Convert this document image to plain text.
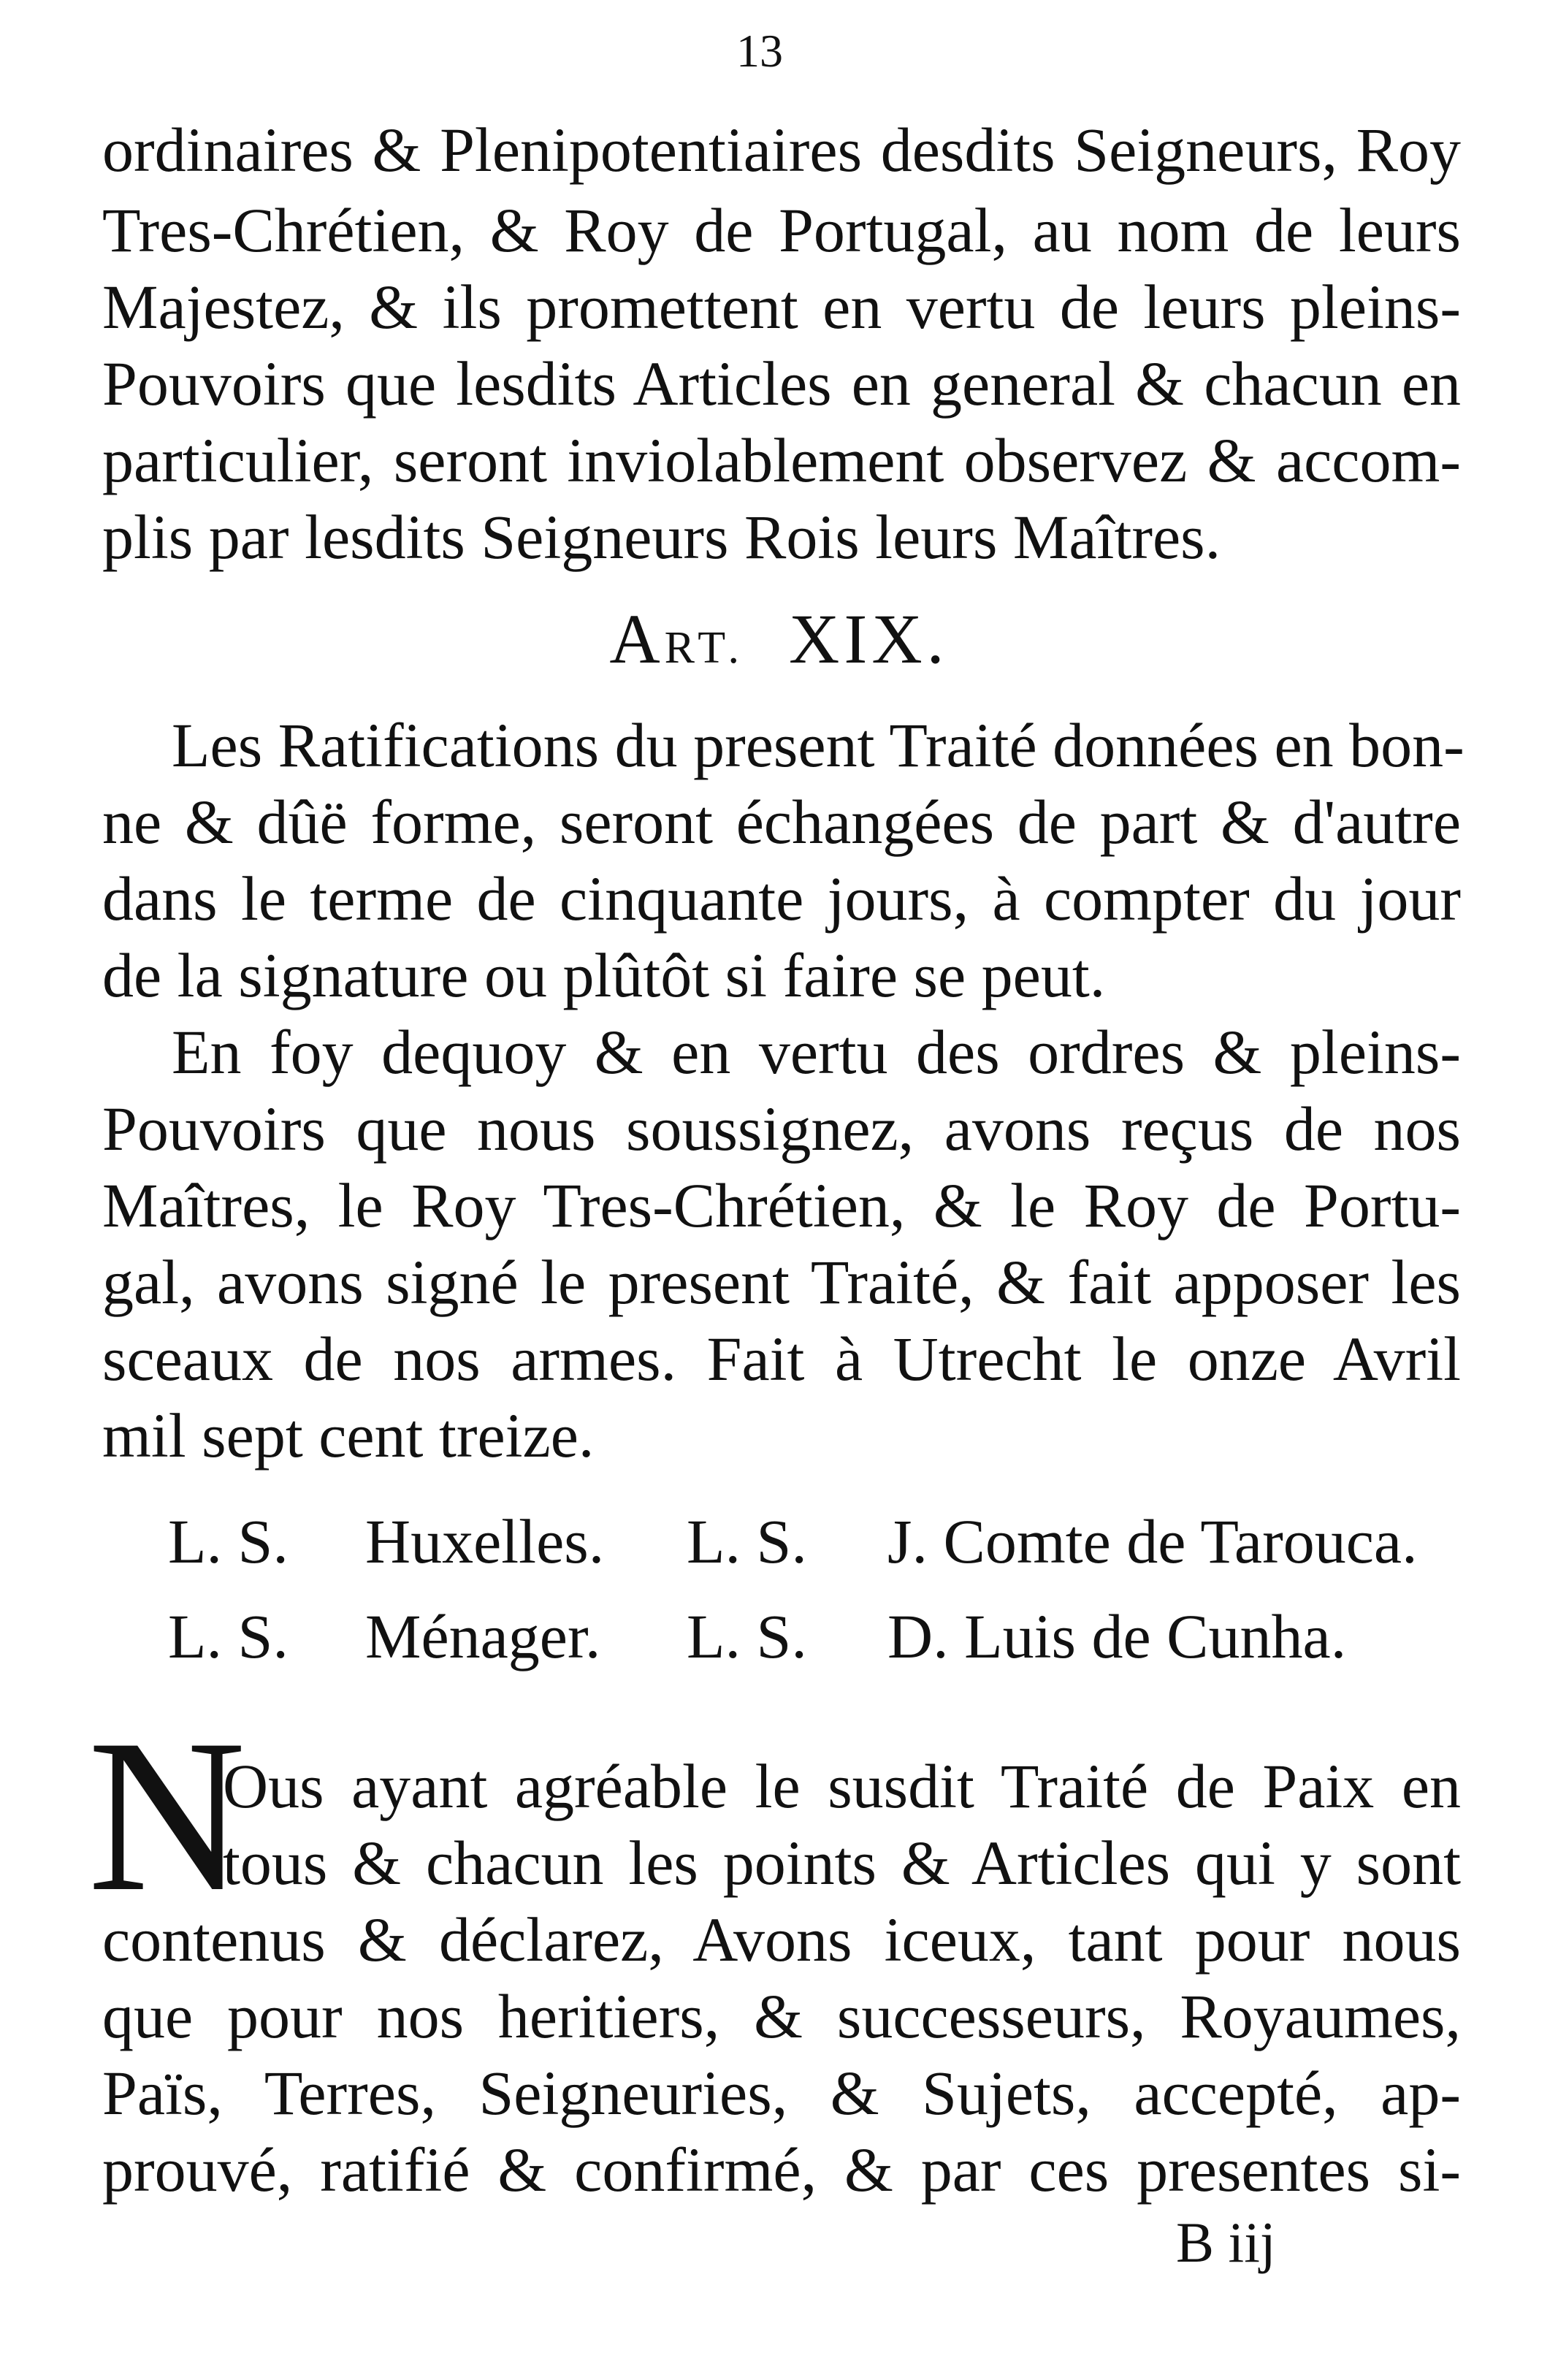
13
ordinaires & Plenipotentiaires desdits Seigneurs, Roy
Tres-Chrétien, & Roy de Portugal, au nom de leurs
Majestez, & ils promettent en vertu de leurs pleins-
Pouvoirs que lesdits Articles en general & chacun en
particulier, seront inviolablement observez & accom-
plis par lesdits Seigneurs Rois leurs Maîtres.
ART. XIX.
Les Ratifications du present Traité données en bon-
ne & dûë forme, seront échangées de part & d'autre
dans le terme de cinquante jours, à compter du jour
de la signature ou plûtôt si faire se peut.
En foy dequoy & en vertu des ordres & pleins-
Pouvoirs que nous soussignez, avons reçus de nos
Maîtres, le Roy Tres-Chrétien, & le Roy de Portu-
gal, avons signé le present Traité, & fait apposer les
sceaux de nos armes. Fait à Utrecht le onze Avril
mil sept cent treize.
L. S. Huxelles. L. S. J. Comte de Tarouca.
L. S. Ménager. L. S. D. Luis de Cunha.
N
Ous ayant agréable le susdit Traité de Paix en
tous & chacun les points & Articles qui y sont
contenus & déclarez, Avons iceux, tant pour nous
que pour nos heritiers, & successeurs, Royaumes,
Païs, Terres, Seigneuries, & Sujets, accepté, ap-
prouvé, ratifié & confirmé, & par ces presentes si-
B iij
